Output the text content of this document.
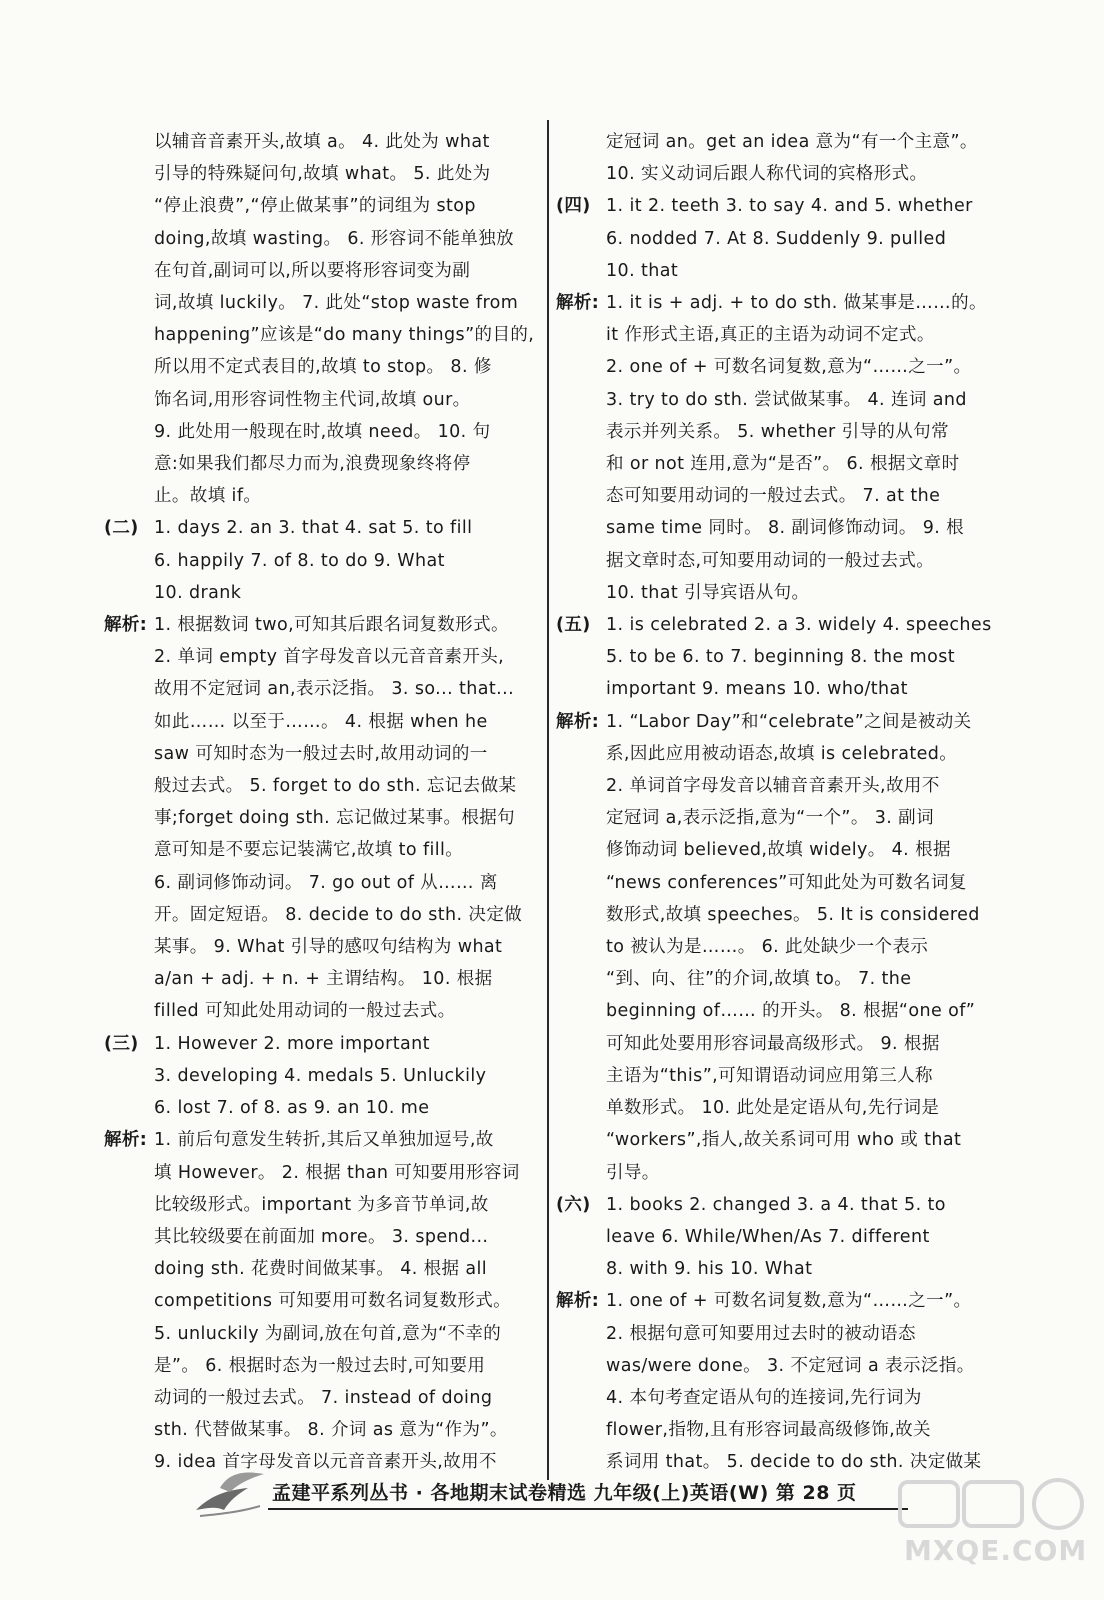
以辅音音素开头,故填 a。 4. 此处为 what
引导的特殊疑问句,故填 what。 5. 此处为
“停止浪费”,“停止做某事”的词组为 stop
doing,故填 wasting。 6. 形容词不能单独放
在句首,副词可以,所以要将形容词变为副
词,故填 luckily。 7. 此处“stop waste from
happening”应该是“do many things”的目的,
所以用不定式表目的,故填 to stop。 8. 修
饰名词,用形容词性物主代词,故填 our。
9. 此处用一般现在时,故填 need。 10. 句
意:如果我们都尽力而为,浪费现象终将停
止。故填 if。
(二) 1. days 2. an 3. that 4. sat 5. to fill
6. happily 7. of 8. to do 9. What
10. drank
解析: 1. 根据数词 two,可知其后跟名词复数形式。
2. 单词 empty 首字母发音以元音音素开头,
故用不定冠词 an,表示泛指。 3. so... that...
如此…… 以至于……。 4. 根据 when he
saw 可知时态为一般过去时,故用动词的一
般过去式。 5. forget to do sth. 忘记去做某
事;forget doing sth. 忘记做过某事。根据句
意可知是不要忘记装满它,故填 to fill。
6. 副词修饰动词。 7. go out of 从…… 离
开。固定短语。 8. decide to do sth. 决定做
某事。 9. What 引导的感叹句结构为 what
a/an + adj. + n. + 主谓结构。 10. 根据
filled 可知此处用动词的一般过去式。
(三) 1. However 2. more important
3. developing 4. medals 5. Unluckily
6. lost 7. of 8. as 9. an 10. me
解析: 1. 前后句意发生转折,其后又单独加逗号,故
填 However。 2. 根据 than 可知要用形容词
比较级形式。important 为多音节单词,故
其比较级要在前面加 more。 3. spend...
doing sth. 花费时间做某事。 4. 根据 all
competitions 可知要用可数名词复数形式。
5. unluckily 为副词,放在句首,意为“不幸的
是”。 6. 根据时态为一般过去时,可知要用
动词的一般过去式。 7. instead of doing
sth. 代替做某事。 8. 介词 as 意为“作为”。
9. idea 首字母发音以元音音素开头,故用不
定冠词 an。get an idea 意为“有一个主意”。
10. 实义动词后跟人称代词的宾格形式。
(四) 1. it 2. teeth 3. to say 4. and 5. whether
6. nodded 7. At 8. Suddenly 9. pulled
10. that
解析: 1. it is + adj. + to do sth. 做某事是……的。
it 作形式主语,真正的主语为动词不定式。
2. one of + 可数名词复数,意为“……之一”。
3. try to do sth. 尝试做某事。 4. 连词 and
表示并列关系。 5. whether 引导的从句常
和 or not 连用,意为“是否”。 6. 根据文章时
态可知要用动词的一般过去式。 7. at the
same time 同时。 8. 副词修饰动词。 9. 根
据文章时态,可知要用动词的一般过去式。
10. that 引导宾语从句。
(五) 1. is celebrated 2. a 3. widely 4. speeches
5. to be 6. to 7. beginning 8. the most
important 9. means 10. who/that
解析: 1. “Labor Day”和“celebrate”之间是被动关
系,因此应用被动语态,故填 is celebrated。
2. 单词首字母发音以辅音音素开头,故用不
定冠词 a,表示泛指,意为“一个”。 3. 副词
修饰动词 believed,故填 widely。 4. 根据
“news conferences”可知此处为可数名词复
数形式,故填 speeches。 5. It is considered
to 被认为是……。 6. 此处缺少一个表示
“到、向、往”的介词,故填 to。 7. the
beginning of…… 的开头。 8. 根据“one of”
可知此处要用形容词最高级形式。 9. 根据
主语为“this”,可知谓语动词应用第三人称
单数形式。 10. 此处是定语从句,先行词是
“workers”,指人,故关系词可用 who 或 that
引导。
(六) 1. books 2. changed 3. a 4. that 5. to
leave 6. While/When/As 7. different
8. with 9. his 10. What
解析: 1. one of + 可数名词复数,意为“……之一”。
2. 根据句意可知要用过去时的被动语态
was/were done。 3. 不定冠词 a 表示泛指。
4. 本句考查定语从句的连接词,先行词为
flower,指物,且有形容词最高级修饰,故关
系词用 that。 5. decide to do sth. 决定做某
孟建平系列丛书 · 各地期末试卷精选 九年级(上)英语(W) 第 28 页
MXQE.COM
